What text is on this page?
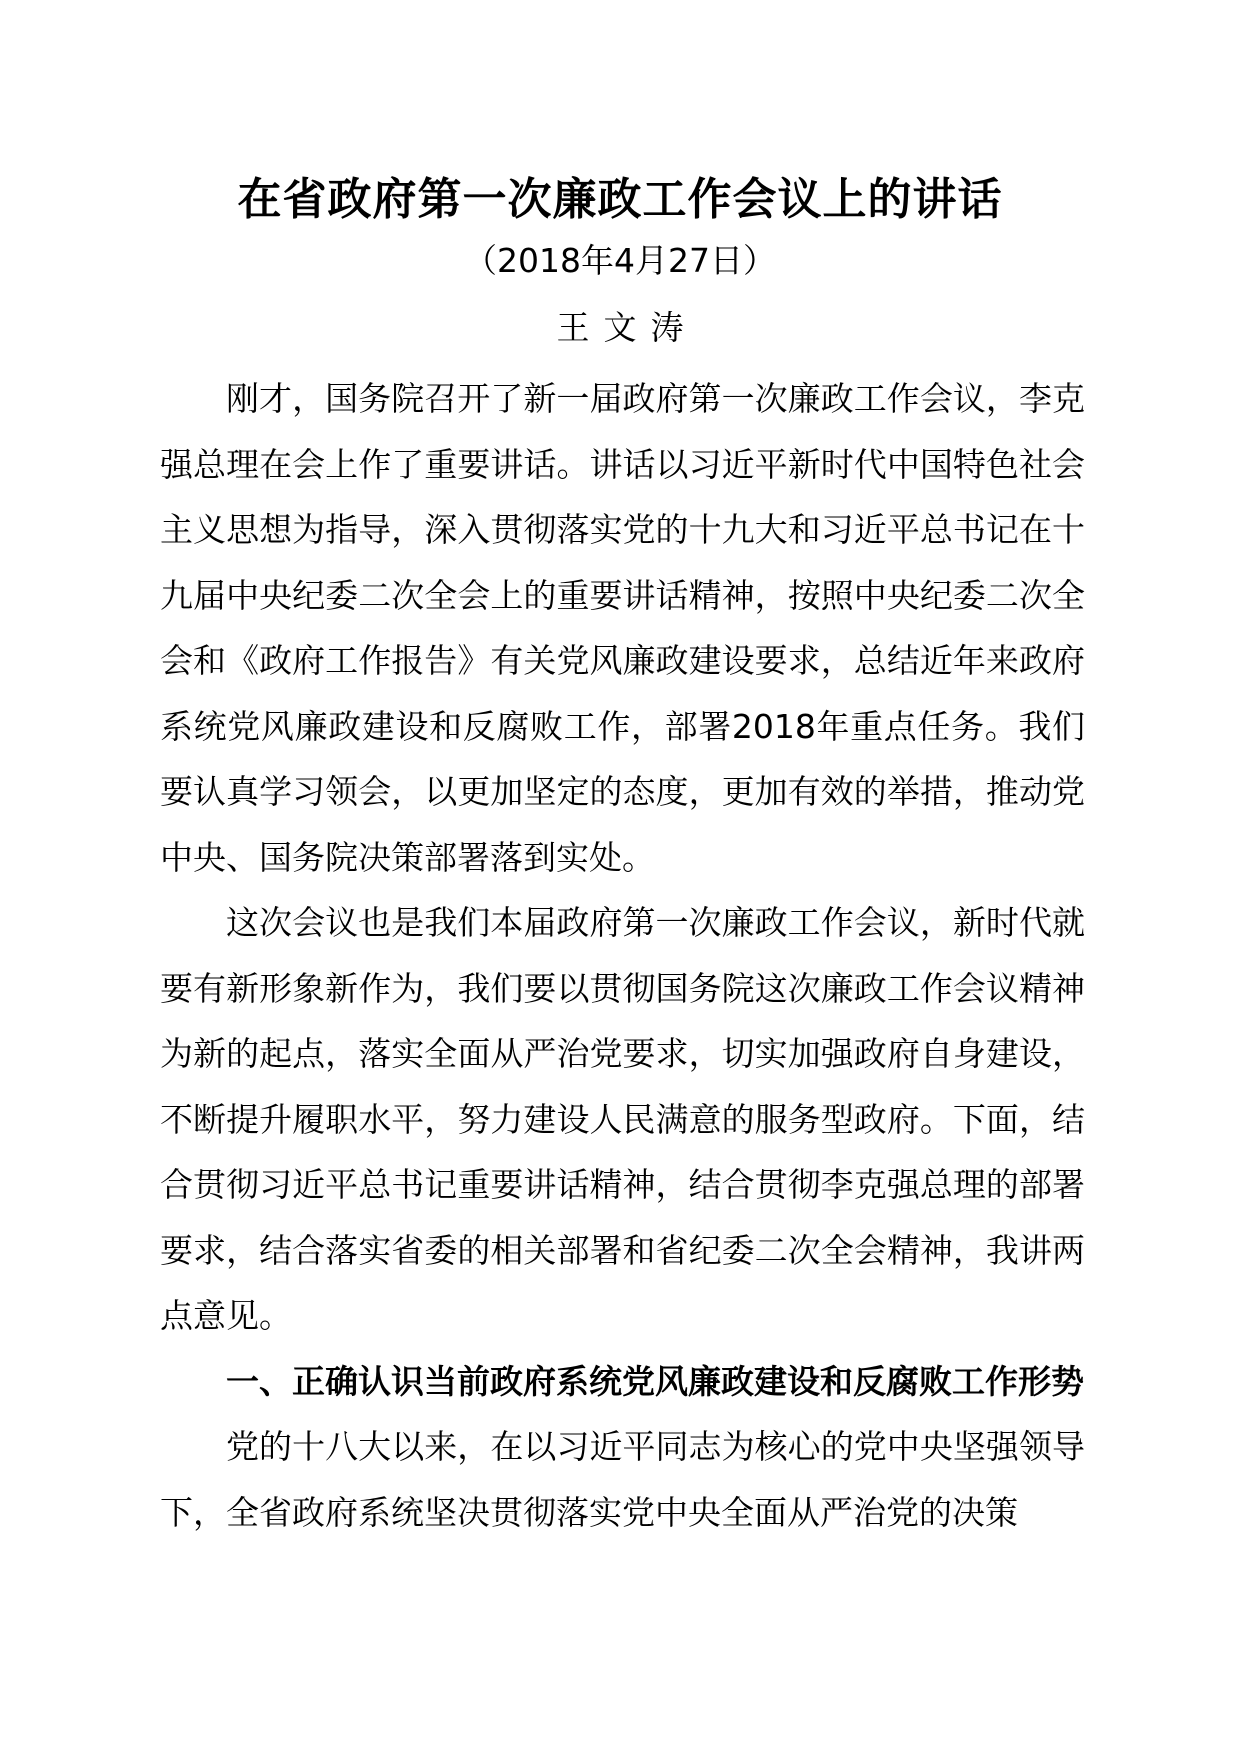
在省政府第一次廉政工作会议上的讲话
（2018年4月27日）
王文涛

刚才，国务院召开了新一届政府第一次廉政工作会议，李克强总理在会上作了重要讲话。讲话以习近平新时代中国特色社会主义思想为指导，深入贯彻落实党的十九大和习近平总书记在十九届中央纪委二次全会上的重要讲话精神，按照中央纪委二次全会和《政府工作报告》有关党风廉政建设要求，总结近年来政府系统党风廉政建设和反腐败工作，部署2018年重点任务。我们要认真学习领会，以更加坚定的态度，更加有效的举措，推动党中央、国务院决策部署落到实处。

这次会议也是我们本届政府第一次廉政工作会议，新时代就要有新形象新作为，我们要以贯彻国务院这次廉政工作会议精神为新的起点，落实全面从严治党要求，切实加强政府自身建设，不断提升履职水平，努力建设人民满意的服务型政府。下面，结合贯彻习近平总书记重要讲话精神，结合贯彻李克强总理的部署要求，结合落实省委的相关部署和省纪委二次全会精神，我讲两点意见。

一、正确认识当前政府系统党风廉政建设和反腐败工作形势

党的十八大以来，在以习近平同志为核心的党中央坚强领导下，全省政府系统坚决贯彻落实党中央全面从严治党的决策
